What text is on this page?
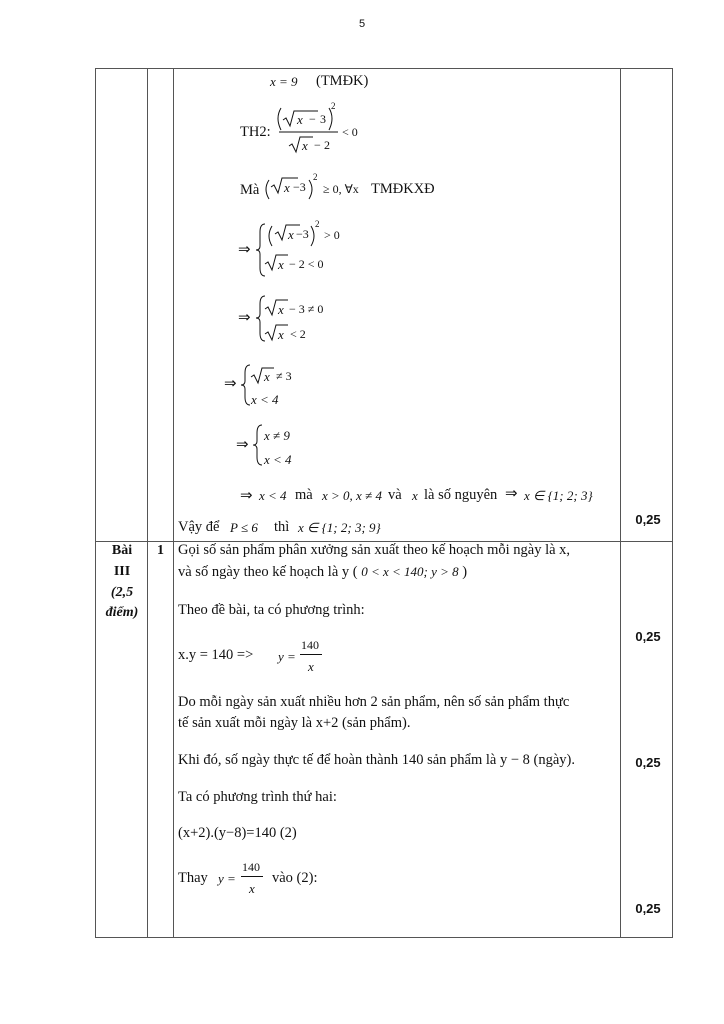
5
Bài
III
(2,5
điểm)
1
0,25
0,25
0,25
0,25
x = 9 (TMĐK)
TH2:
x − 3
2
x − 2
< 0
Mà x −3
2
≥ 0, ∀x TMĐKXĐ
⇒
x −3
2
> 0
x − 2 < 0
⇒
x − 3 ≠ 0
x < 2
⇒ x ≠ 3
x < 4
⇒
x ≠ 9
x < 4
⇒ x < 4 mà x > 0, x ≠ 4 và x là số nguyên ⇒ x ∈ {1; 2; 3}
Vậy để P ≤ 6 thì x ∈ {1; 2; 3; 9}
Gọi số sản phẩm phân xưởng sản xuất theo kế hoạch mỗi ngày là x,
và số ngày theo kế hoạch là y ( 0 < x < 140; y > 8 )
Theo đề bài, ta có phương trình:
x.y = 140 => y =
140
x
Do mỗi ngày sản xuất nhiều hơn 2 sản phẩm, nên số sản phẩm thực
tế sản xuất mỗi ngày là x+2 (sản phẩm).
Khi đó, số ngày thực tế để hoàn thành 140 sản phẩm là y − 8 (ngày).
Ta có phương trình thứ hai:
(x+2).(y−8)=140 (2)
Thay y =
140
x
vào (2):
